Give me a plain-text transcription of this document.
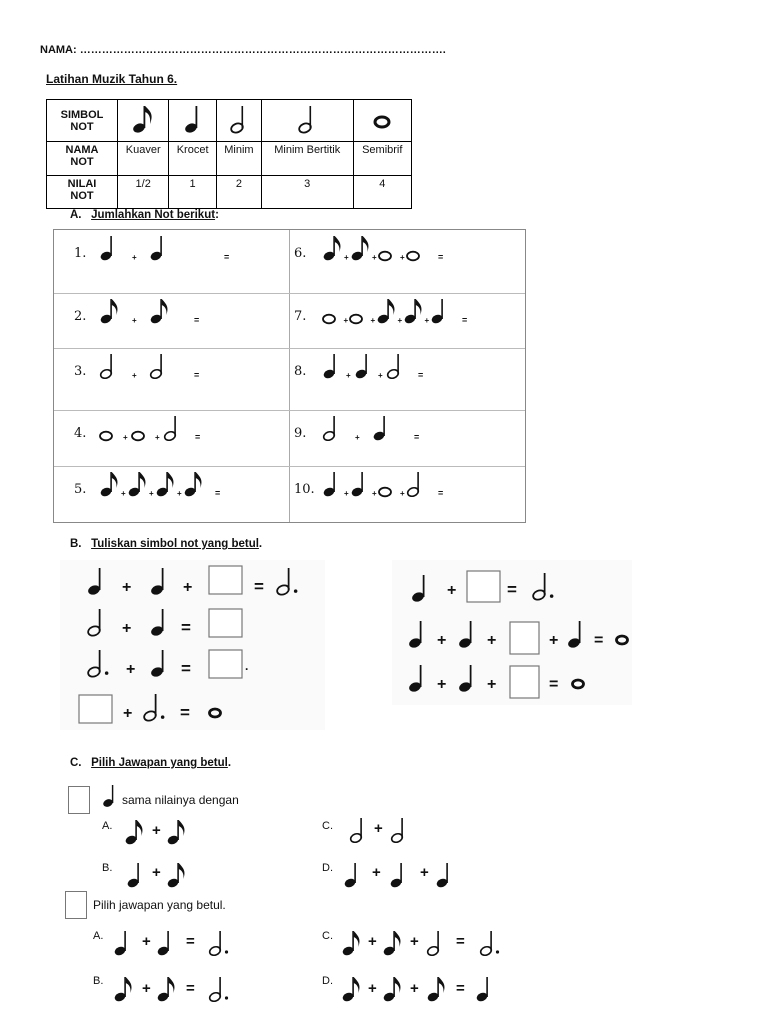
NAMA: ……………………………………………………………………………………….
Latihan Muzik Tahun 6.
SIMBOL
NOT					
NAMA
NOT	Kuaver	Krocet	Minim	Minim Bertitik	Semibrif
NILAI
NOT	1/2	1	2	3	4
A. Jumlahkan Not berikut:
1.	+	=
2.	+	=
3.	+	=
4.	+	+	=
5.	+	+	+	=
6.	+	+	+	=
7.	+	+	+	+	=
8.	+	+	=
9.	+	=
10.	+	+	+	=
B. Tuliskan simbol not yang betul.
+	+	=
+	=
+	=	.
+	=
+	=
+	+	+ =
+	+	=
C. Pilih Jawapan yang betul.
sama nilainya dengan
Pilih jawapan yang betul.
A.
B.
C.
D.
A.
B.
C.
D.
+
+
+
+	+
+ =
+ =
+ + =
+ + =
